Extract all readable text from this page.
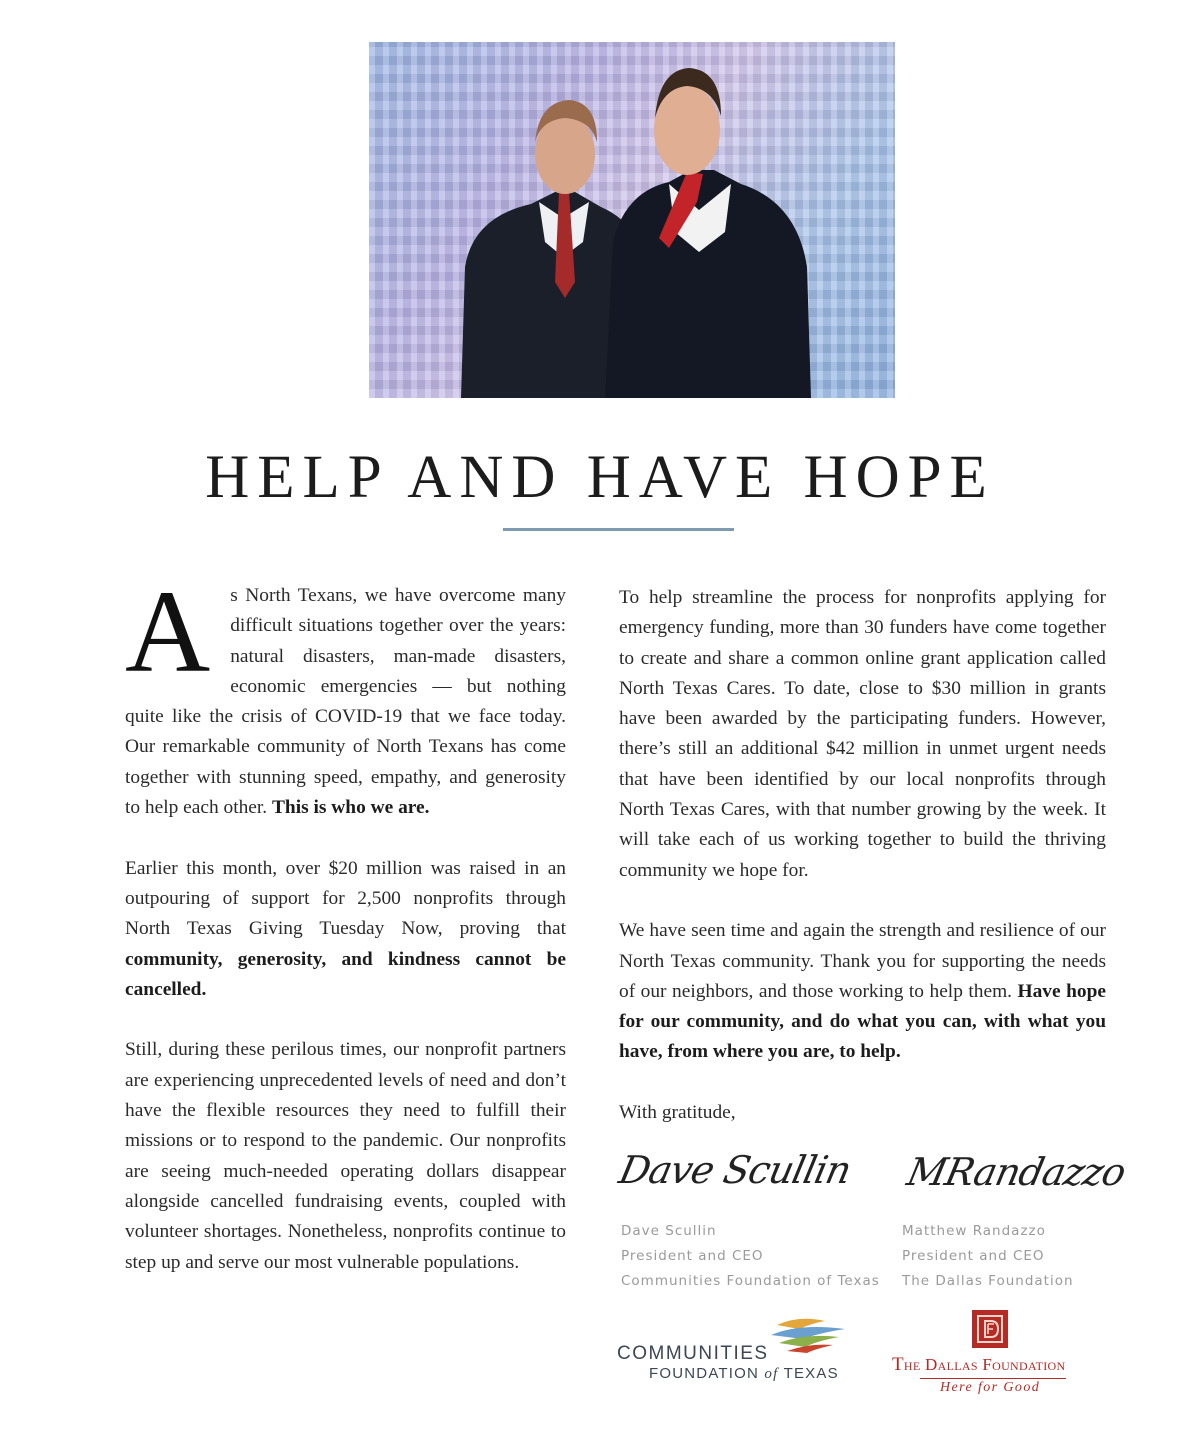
HELP AND HAVE HOPE

A s North Texans, we have overcome many difficult situations together over the years: natural disasters, man-made disasters, economic emergencies — but nothing quite like the crisis of COVID-19 that we face today. Our remarkable community of North Texans has come together with stunning speed, empathy, and generosity to help each other. This is who we are.

Earlier this month, over $20 million was raised in an outpouring of support for 2,500 nonprofits through North Texas Giving Tuesday Now, proving that community, generosity, and kindness cannot be cancelled.

Still, during these perilous times, our nonprofit partners are experiencing unprecedented levels of need and don’t have the flexible resources they need to fulfill their missions or to respond to the pandemic. Our nonprofits are seeing much-needed operating dollars disappear alongside cancelled fundraising events, coupled with volunteer shortages. Nonetheless, nonprofits continue to step up and serve our most vulnerable populations.

To help streamline the process for nonprofits applying for emergency funding, more than 30 funders have come together to create and share a common online grant application called North Texas Cares. To date, close to $30 million in grants have been awarded by the participating funders. However, there’s still an additional $42 million in unmet urgent needs that have been identified by our local nonprofits through North Texas Cares, with that number growing by the week. It will take each of us working together to build the thriving community we hope for.

We have seen time and again the strength and resilience of our North Texas community. Thank you for supporting the needs of our neighbors, and those working to help them. Have hope for our community, and do what you can, with what you have, from where you are, to help.

With gratitude,

Dave Scullin MRandazzo
Dave Scullin
President and CEO
Communities Foundation of Texas
Matthew Randazzo
President and CEO
The Dallas Foundation
COMMUNITIES
FOUNDATION of TEXAS	The Dallas Foundation
Here for Good
